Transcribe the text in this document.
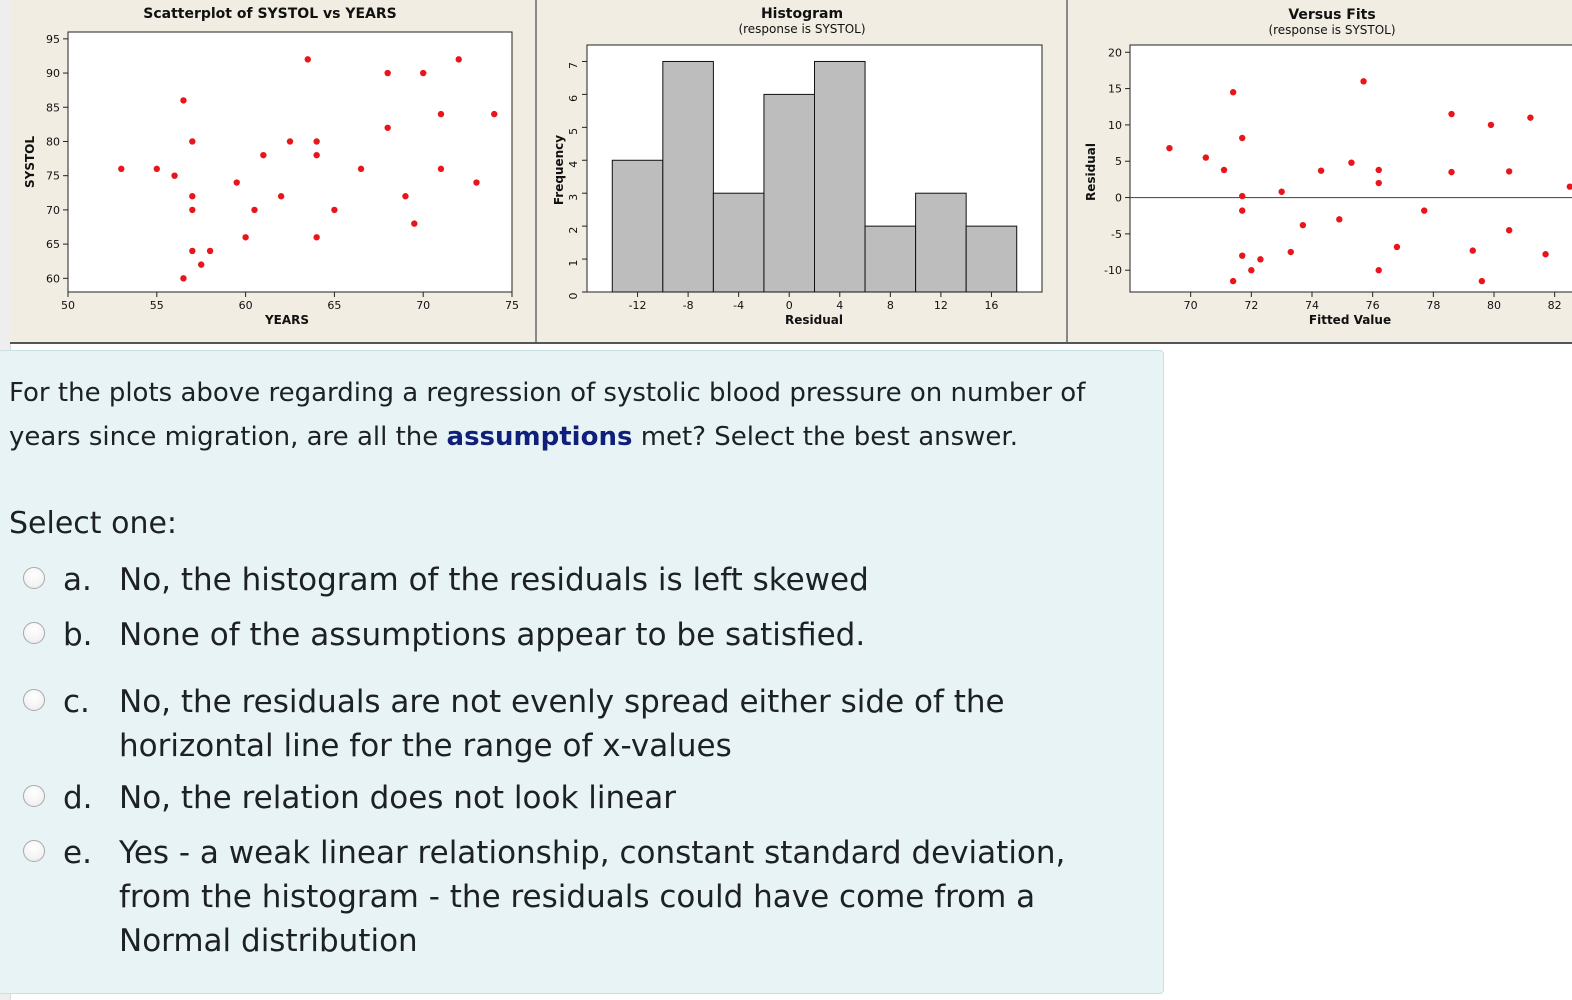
Scatterplot of SYSTOL vs YEARS
50	55	60	65	70	75
60
65
70
75
80
85
90
95
YEARS
SYSTOL
Histogram
(response is SYSTOL)
-12	-8	-4	0	4	8	12	16
0
1
2
3
4
5
6
7
Residual
Frequency
Versus Fits
(response is SYSTOL)
70	72	74	76	78	80	82
-10
-5
0
5
10
15
20
Fitted Value
Residual
For the plots above regarding a regression of systolic blood pressure on number of years since migration, are all the assumptions met? Select the best answer.
Select one:
a. No, the histogram of the residuals is left skewed
b. None of the assumptions appear to be satisfied.
c. No, the residuals are not evenly spread either side of the horizontal line for the range of x-values
d. No, the relation does not look linear
e. Yes - a weak linear relationship, constant standard deviation, from the histogram - the residuals could have come from a Normal distribution
